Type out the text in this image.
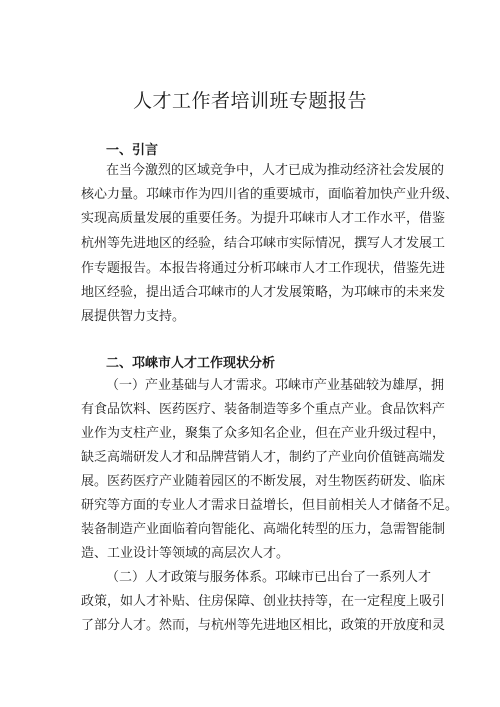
人才工作者培训班专题报告
一、引言
在当今激烈的区域竞争中，人才已成为推动经济社会发展的
核心力量。邛崃市作为四川省的重要城市，面临着加快产业升级、
实现高质量发展的重要任务。为提升邛崃市人才工作水平，借鉴
杭州等先进地区的经验，结合邛崃市实际情况，撰写人才发展工
作专题报告。本报告将通过分析邛崃市人才工作现状，借鉴先进
地区经验，提出适合邛崃市的人才发展策略，为邛崃市的未来发
展提供智力支持。
二、邛崃市人才工作现状分析
（一）产业基础与人才需求。邛崃市产业基础较为雄厚，拥
有食品饮料、医药医疗、装备制造等多个重点产业。食品饮料产
业作为支柱产业，聚集了众多知名企业，但在产业升级过程中，
缺乏高端研发人才和品牌营销人才，制约了产业向价值链高端发
展。医药医疗产业随着园区的不断发展，对生物医药研发、临床
研究等方面的专业人才需求日益增长，但目前相关人才储备不足。
装备制造产业面临着向智能化、高端化转型的压力，急需智能制
造、工业设计等领域的高层次人才。
（二）人才政策与服务体系。邛崃市已出台了一系列人才
政策，如人才补贴、住房保障、创业扶持等，在一定程度上吸引
了部分人才。然而，与杭州等先进地区相比，政策的开放度和灵
